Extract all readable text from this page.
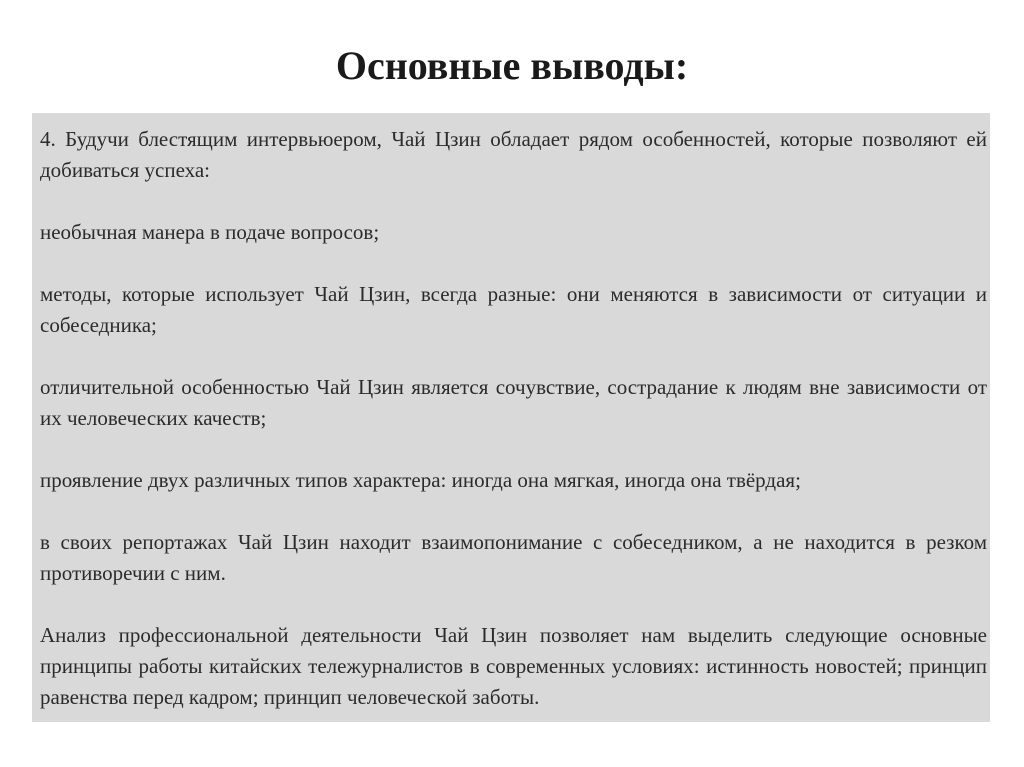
Основные выводы:

4. Будучи блестящим интервьюером, Чай Цзин обладает рядом особенностей, которые позволяют ей добиваться успеха:

необычная манера в подаче вопросов;

методы, которые использует Чай Цзин, всегда разные: они меняются в зависимости от ситуации и собеседника;

отличительной особенностью Чай Цзин является сочувствие, сострадание к людям вне зависимости от их человеческих качеств;

проявление двух различных типов характера: иногда она мягкая, иногда она твёрдая;

в своих репортажах Чай Цзин находит взаимопонимание с собеседником, а не находится в резком противоречии с ним.

Анализ профессиональной деятельности Чай Цзин позволяет нам выделить следующие основные принципы работы китайских тележурналистов в современных условиях: истинность новостей; принцип равенства перед кадром; принцип человеческой заботы.
